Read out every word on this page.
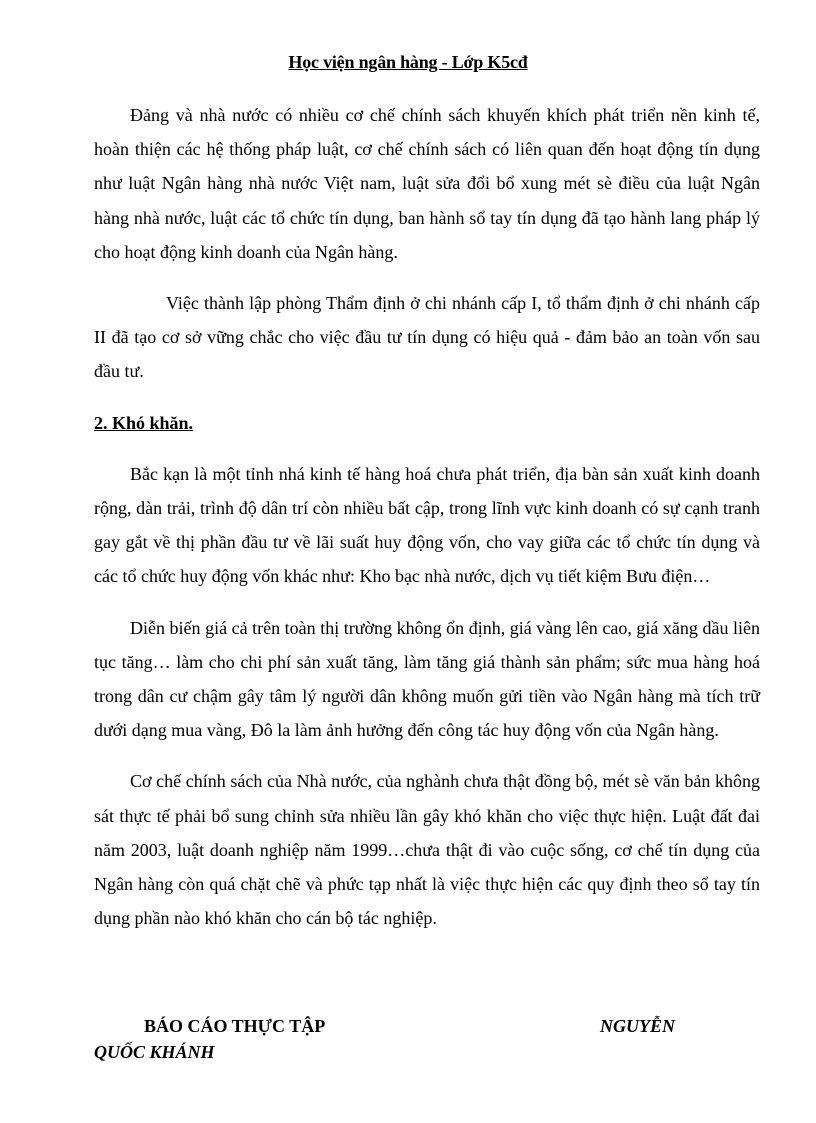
Học viện ngân hàng - Lớp K5cđ

Đảng và nhà nước có nhiều cơ chế chính sách khuyến khích phát triển nền kinh tế, hoàn thiện các hệ thống pháp luật, cơ chế chính sách có liên quan đến hoạt động tín dụng như luật Ngân hàng nhà nước Việt nam, luật sửa đổi bổ xung mét sè điều của luật Ngân hàng nhà nước, luật các tổ chức tín dụng, ban hành sổ tay tín dụng đã tạo hành lang pháp lý cho hoạt động kinh doanh của Ngân hàng.

Việc thành lập phòng Thẩm định ở chi nhánh cấp I, tổ thẩm định ở chi nhánh cấp II đã tạo cơ sở vững chắc cho việc đầu tư tín dụng có hiệu quả - đảm bảo an toàn vốn sau đầu tư.

2. Khó khăn.

Bắc kạn là một tỉnh nhá kinh tế hàng hoá chưa phát triển, địa bàn sản xuất kinh doanh rộng, dàn trải, trình độ dân trí còn nhiều bất cập, trong lĩnh vực kinh doanh có sự cạnh tranh gay gắt về thị phần đầu tư về lãi suất huy động vốn, cho vay giữa các tổ chức tín dụng và các tổ chức huy động vốn khác như: Kho bạc nhà nước, dịch vụ tiết kiệm Bưu điện…

Diễn biến giá cả trên toàn thị trường không ổn định, giá vàng lên cao, giá xăng dầu liên tục tăng… làm cho chi phí sản xuất tăng, làm tăng giá thành sản phẩm; sức mua hàng hoá trong dân cư chậm gây tâm lý người dân không muốn gửi tiền vào Ngân hàng mà tích trữ dưới dạng mua vàng, Đô la làm ảnh hưởng đến công tác huy động vốn của Ngân hàng.

Cơ chế chính sách của Nhà nước, của nghành chưa thật đồng bộ, mét sè văn bản không sát thực tế phải bổ sung chỉnh sửa nhiều lần gây khó khăn cho việc thực hiện. Luật đất đai năm 2003, luật doanh nghiệp năm 1999…chưa thật đi vào cuộc sống, cơ chế tín dụng của Ngân hàng còn quá chặt chẽ và phức tạp nhất là việc thực hiện các quy định theo sổ tay tín dụng phần nào khó khăn cho cán bộ tác nghiệp.

BÁO CÁO THỰC TẬP	NGUYỄN
QUỐC KHÁNH
